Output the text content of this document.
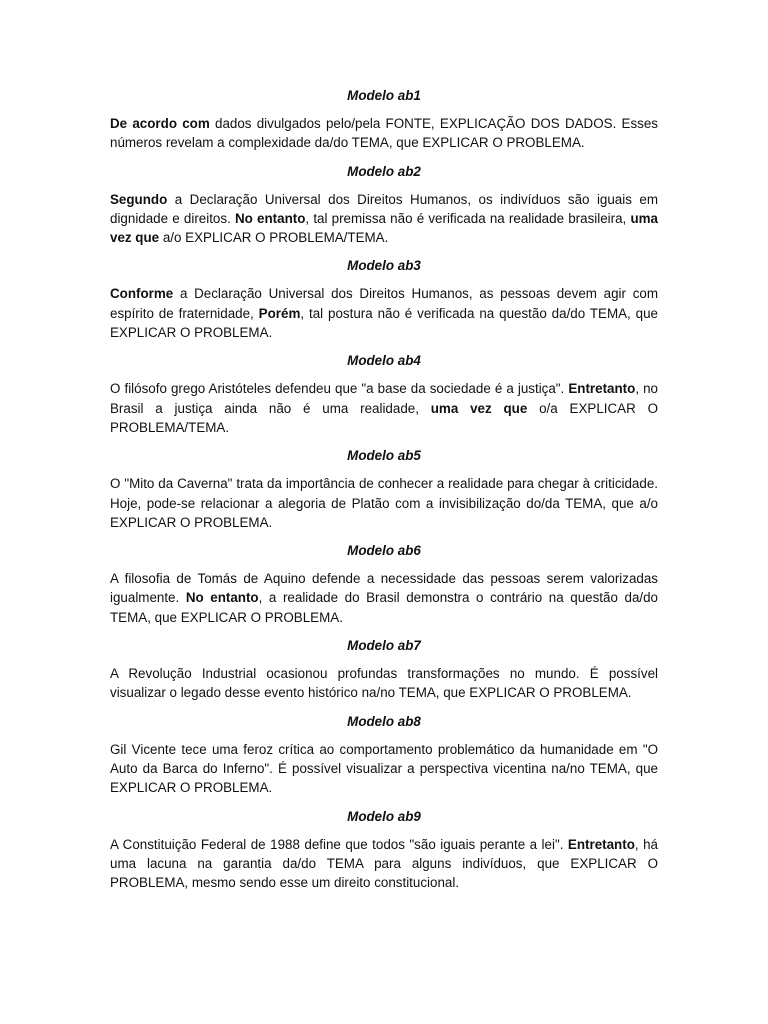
Modelo ab1

De acordo com dados divulgados pelo/pela FONTE, EXPLICAÇÃO DOS DADOS. Esses números revelam a complexidade da/do TEMA, que EXPLICAR O PROBLEMA.

Modelo ab2

Segundo a Declaração Universal dos Direitos Humanos, os indivíduos são iguais em dignidade e direitos. No entanto, tal premissa não é verificada na realidade brasileira, uma vez que a/o EXPLICAR O PROBLEMA/TEMA.

Modelo ab3

Conforme a Declaração Universal dos Direitos Humanos, as pessoas devem agir com espírito de fraternidade, Porém, tal postura não é verificada na questão da/do TEMA, que EXPLICAR O PROBLEMA.

Modelo ab4

O filósofo grego Aristóteles defendeu que "a base da sociedade é a justiça". Entretanto, no Brasil a justiça ainda não é uma realidade, uma vez que o/a EXPLICAR O PROBLEMA/TEMA.

Modelo ab5

O "Mito da Caverna" trata da importância de conhecer a realidade para chegar à criticidade. Hoje, pode-se relacionar a alegoria de Platão com a invisibilização do/da TEMA, que a/o EXPLICAR O PROBLEMA.

Modelo ab6

A filosofia de Tomás de Aquino defende a necessidade das pessoas serem valorizadas igualmente. No entanto, a realidade do Brasil demonstra o contrário na questão da/do TEMA, que EXPLICAR O PROBLEMA.

Modelo ab7

A Revolução Industrial ocasionou profundas transformações no mundo. É possível visualizar o legado desse evento histórico na/no TEMA, que EXPLICAR O PROBLEMA.

Modelo ab8

Gil Vicente tece uma feroz crítica ao comportamento problemático da humanidade em "O Auto da Barca do Inferno". É possível visualizar a perspectiva vicentina na/no TEMA, que EXPLICAR O PROBLEMA.

Modelo ab9

A Constituição Federal de 1988 define que todos "são iguais perante a lei". Entretanto, há uma lacuna na garantia da/do TEMA para alguns indivíduos, que EXPLICAR O PROBLEMA, mesmo sendo esse um direito constitucional.
